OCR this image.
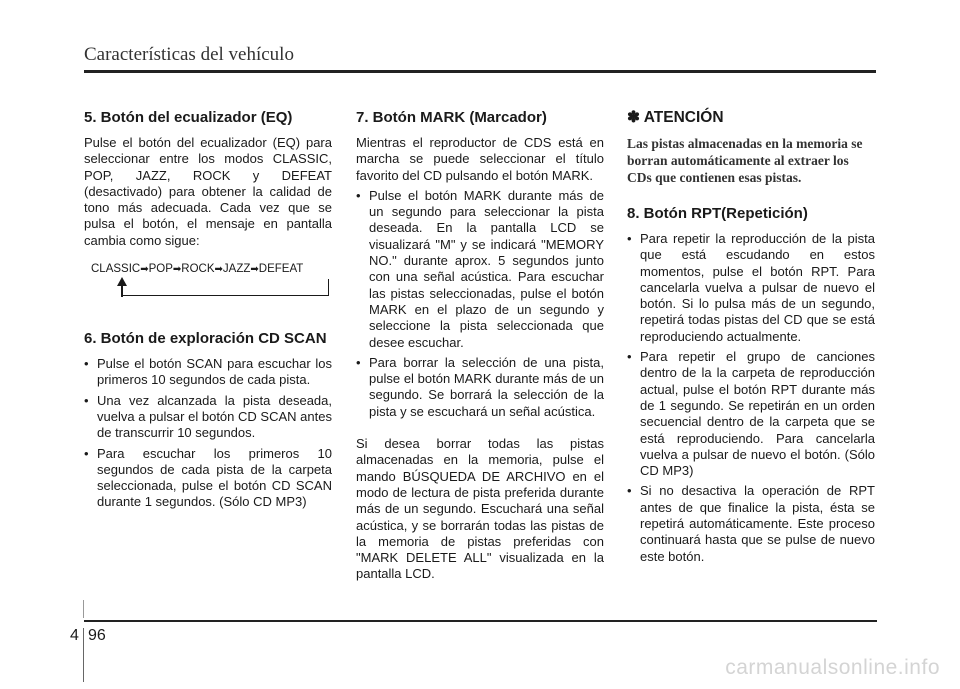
Características del vehículo
5. Botón del ecualizador (EQ)

Pulse el botón del ecualizador (EQ) para seleccionar entre los modos CLASSIC, POP, JAZZ, ROCK y DEFEAT (desactivado) para obtener la calidad de tono más adecuada. Cada vez que se pulsa el botón, el mensaje en pantalla cambia como sigue:

CLASSIC➡POP➡ROCK➡JAZZ➡DEFEAT
6. Botón de exploración CD SCAN
• Pulse el botón SCAN para escuchar los primeros 10 segundos de cada pista.
• Una vez alcanzada la pista deseada, vuelva a pulsar el botón CD SCAN antes de transcurrir 10 segundos.
• Para escuchar los primeros 10 segundos de cada pista de la carpeta seleccionada, pulse el botón CD SCAN durante 1 segundos. (Sólo CD MP3)
7. Botón MARK (Marcador)

Mientras el reproductor de CDS está en marcha se puede seleccionar el título favorito del CD pulsando el botón MARK.

• Pulse el botón MARK durante más de un segundo para seleccionar la pista deseada. En la pantalla LCD se visualizará "M" y se indicará "MEMORY NO." durante aprox. 5 segundos junto con una señal acústica. Para escuchar las pistas seleccionadas, pulse el botón MARK en el plazo de un segundo y seleccione la pista seleccionada que desee escuchar.
• Para borrar la selección de una pista, pulse el botón MARK durante más de un segundo. Se borrará la selección de la pista y se escuchará un señal acústica.

Si desea borrar todas las pistas almacenadas en la memoria, pulse el mando BÚSQUEDA DE ARCHIVO en el modo de lectura de pista preferida durante más de un segundo. Escuchará una señal acústica, y se borrarán todas las pistas de la memoria de pistas preferidas con "MARK DELETE ALL" visualizada en la pantalla LCD.

✽ ATENCIÓN

Las pistas almacenadas en la memoria se borran automáticamente al extraer los CDs que contienen esas pistas.

8. Botón RPT(Repetición)
• Para repetir la reproducción de la pista que está escudando en estos momentos, pulse el botón RPT. Para cancelarla vuelva a pulsar de nuevo el botón. Si lo pulsa más de un segundo, repetirá todas pistas del CD que se está reproduciendo actualmente.
• Para repetir el grupo de canciones dentro de la la carpeta de reproducción actual, pulse el botón RPT durante más de 1 segundo. Se repetirán en un orden secuencial dentro de la carpeta que se está reproduciendo. Para cancelarla vuelva a pulsar de nuevo el botón. (Sólo CD MP3)
• Si no desactiva la operación de RPT antes de que finalice la pista, ésta se repetirá automáticamente. Este proceso continuará hasta que se pulse de nuevo este botón.
4 96
carmanualsonline.info
